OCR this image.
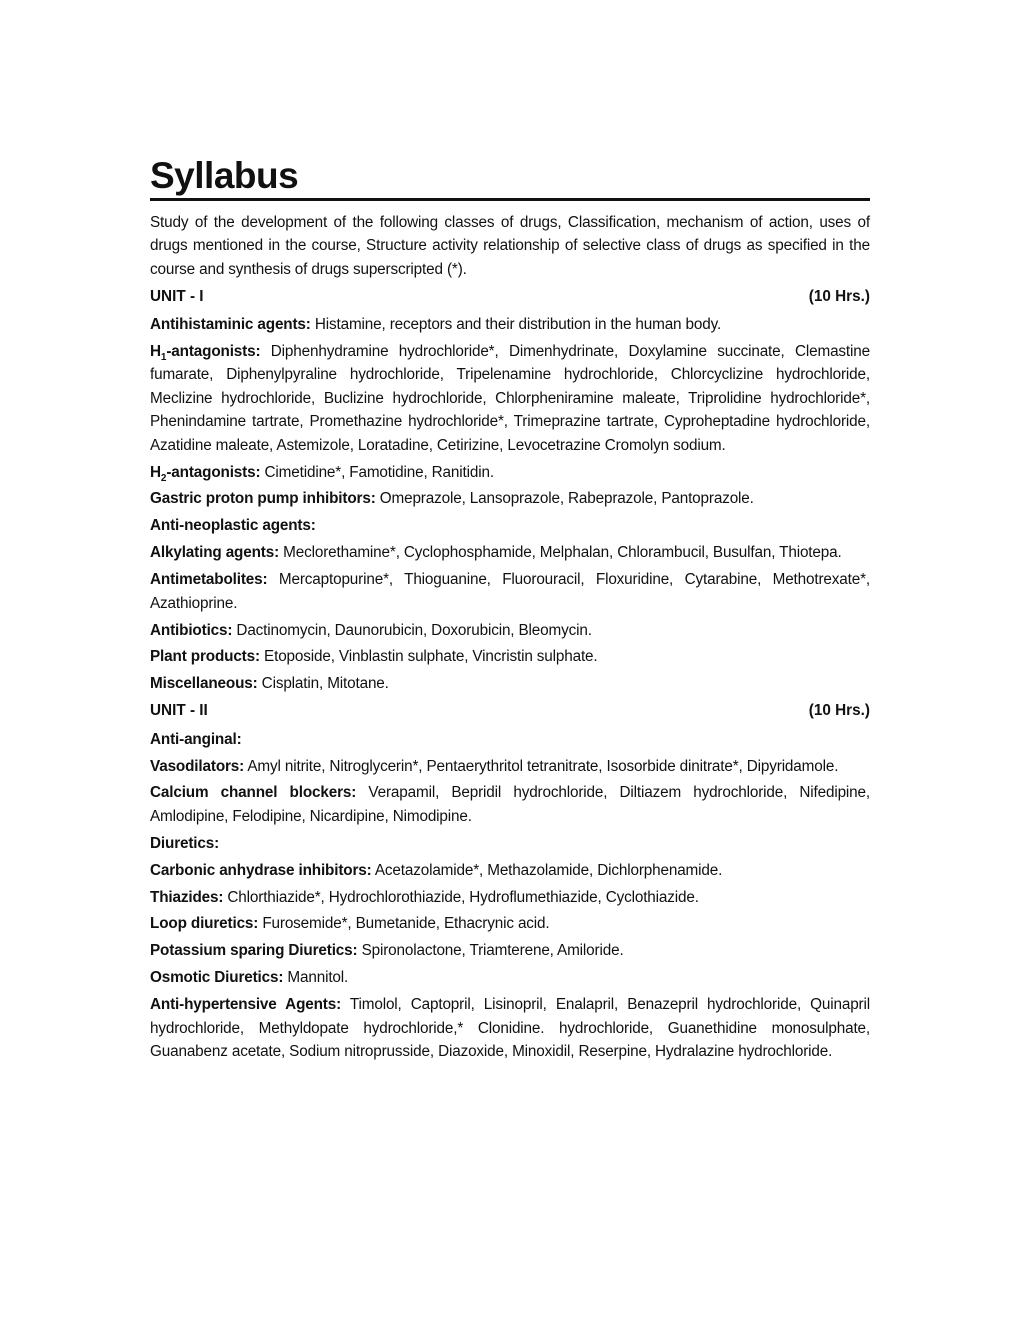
Syllabus

Study of the development of the following classes of drugs, Classification, mechanism of action, uses of drugs mentioned in the course, Structure activity relationship of selective class of drugs as specified in the course and synthesis of drugs superscripted (*).

UNIT - I	(10 Hrs.)

Antihistaminic agents: Histamine, receptors and their distribution in the human body.

$H_1$-antagonists: Diphenhydramine hydrochloride*, Dimenhydrinate, Doxylamine succinate, Clemastine fumarate, Diphenylpyraline hydrochloride, Tripelenamine hydrochloride, Chlorcyclizine hydrochloride, Meclizine hydrochloride, Buclizine hydrochloride, Chlorpheniramine maleate, Triprolidine hydrochloride*, Phenindamine tartrate, Promethazine hydrochloride*, Trimeprazine tartrate, Cyproheptadine hydrochloride, Azatidine maleate, Astemizole, Loratadine, Cetirizine, Levocetrazine Cromolyn sodium.

$H_2$-antagonists: Cimetidine*, Famotidine, Ranitidin.

Gastric proton pump inhibitors: Omeprazole, Lansoprazole, Rabeprazole, Pantoprazole.

Anti-neoplastic agents:

Alkylating agents: Meclorethamine*, Cyclophosphamide, Melphalan, Chlorambucil, Busulfan, Thiotepa.

Antimetabolites: Mercaptopurine*, Thioguanine, Fluorouracil, Floxuridine, Cytarabine, Methotrexate*, Azathioprine.

Antibiotics: Dactinomycin, Daunorubicin, Doxorubicin, Bleomycin.

Plant products: Etoposide, Vinblastin sulphate, Vincristin sulphate.

Miscellaneous: Cisplatin, Mitotane.

UNIT - II	(10 Hrs.)

Anti-anginal:

Vasodilators: Amyl nitrite, Nitroglycerin*, Pentaerythritol tetranitrate, Isosorbide dinitrate*, Dipyridamole.

Calcium channel blockers: Verapamil, Bepridil hydrochloride, Diltiazem hydrochloride, Nifedipine, Amlodipine, Felodipine, Nicardipine, Nimodipine.

Diuretics:

Carbonic anhydrase inhibitors: Acetazolamide*, Methazolamide, Dichlorphenamide.

Thiazides: Chlorthiazide*, Hydrochlorothiazide, Hydroflumethiazide, Cyclothiazide.

Loop diuretics: Furosemide*, Bumetanide, Ethacrynic acid.

Potassium sparing Diuretics: Spironolactone, Triamterene, Amiloride.

Osmotic Diuretics: Mannitol.

Anti-hypertensive Agents: Timolol, Captopril, Lisinopril, Enalapril, Benazepril hydrochloride, Quinapril hydrochloride, Methyldopate hydrochloride,* Clonidine. hydrochloride, Guanethidine monosulphate, Guanabenz acetate, Sodium nitroprusside, Diazoxide, Minoxidil, Reserpine, Hydralazine hydrochloride.
